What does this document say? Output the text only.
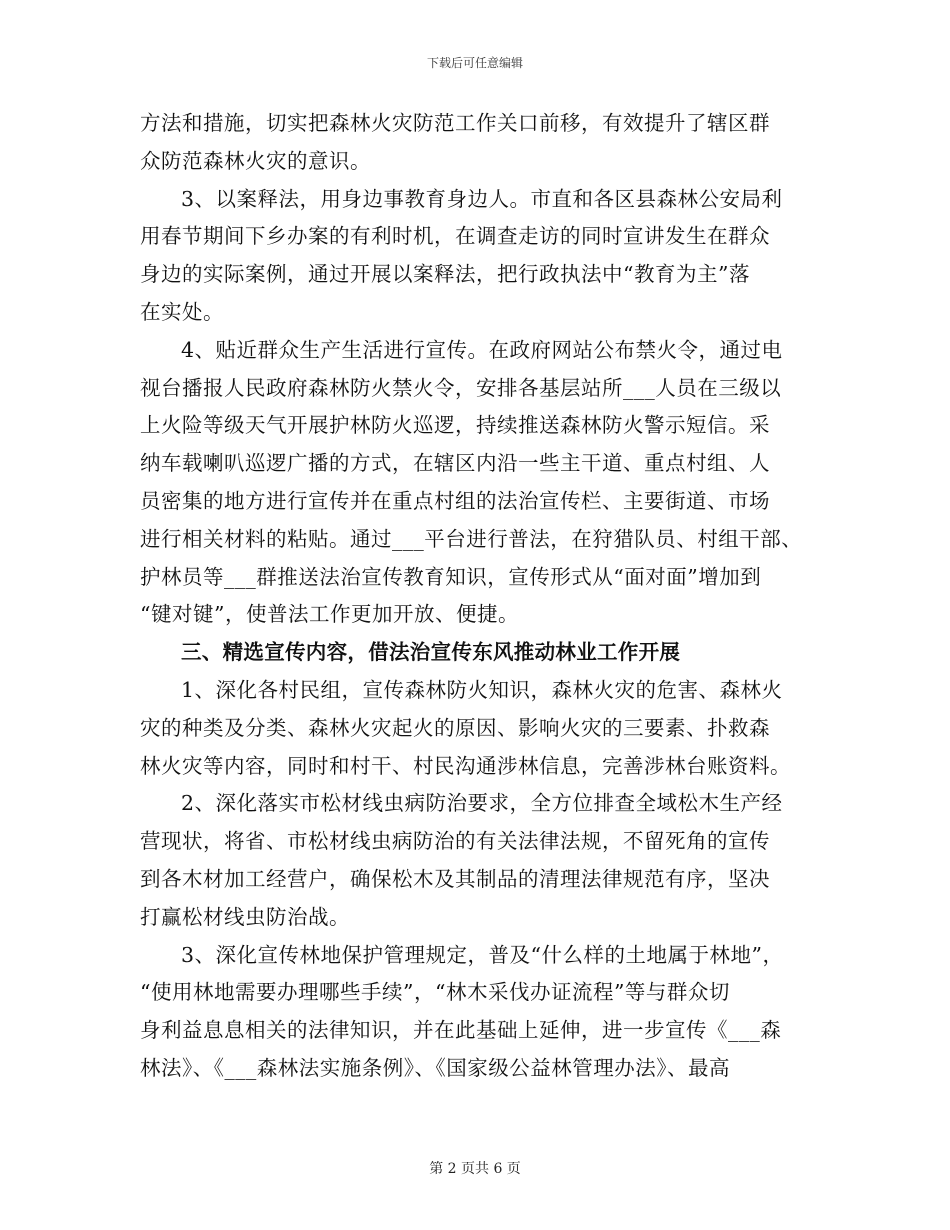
下载后可任意编辑
方法和措施，切实把森林火灾防范工作关口前移，有效提升了辖区群
众防范森林火灾的意识。
3、以案释法，用身边事教育身边人。市直和各区县森林公安局利
用春节期间下乡办案的有利时机，在调查走访的同时宣讲发生在群众
身边的实际案例，通过开展以案释法，把行政执法中“教育为主”落
在实处。
4、贴近群众生产生活进行宣传。在政府网站公布禁火令，通过电
视台播报人民政府森林防火禁火令，安排各基层站所___人员在三级以
上火险等级天气开展护林防火巡逻，持续推送森林防火警示短信。采
纳车载喇叭巡逻广播的方式，在辖区内沿一些主干道、重点村组、人
员密集的地方进行宣传并在重点村组的法治宣传栏、主要街道、市场
进行相关材料的粘贴。通过___平台进行普法，在狩猎队员、村组干部、
护林员等___群推送法治宣传教育知识，宣传形式从“面对面”增加到
“键对键”，使普法工作更加开放、便捷。
三、精选宣传内容，借法治宣传东风推动林业工作开展
1、深化各村民组，宣传森林防火知识，森林火灾的危害、森林火
灾的种类及分类、森林火灾起火的原因、影响火灾的三要素、扑救森
林火灾等内容，同时和村干、村民沟通涉林信息，完善涉林台账资料。
2、深化落实市松材线虫病防治要求，全方位排查全域松木生产经
营现状，将省、市松材线虫病防治的有关法律法规，不留死角的宣传
到各木材加工经营户，确保松木及其制品的清理法律规范有序，坚决
打赢松材线虫防治战。
3、深化宣传林地保护管理规定，普及“什么样的土地属于林地”，
“使用林地需要办理哪些手续”，“林木采伐办证流程”等与群众切
身利益息息相关的法律知识，并在此基础上延伸，进一步宣传《___森
林法》、《___森林法实施条例》、《国家级公益林管理办法》、最高
第 2 页共 6 页
